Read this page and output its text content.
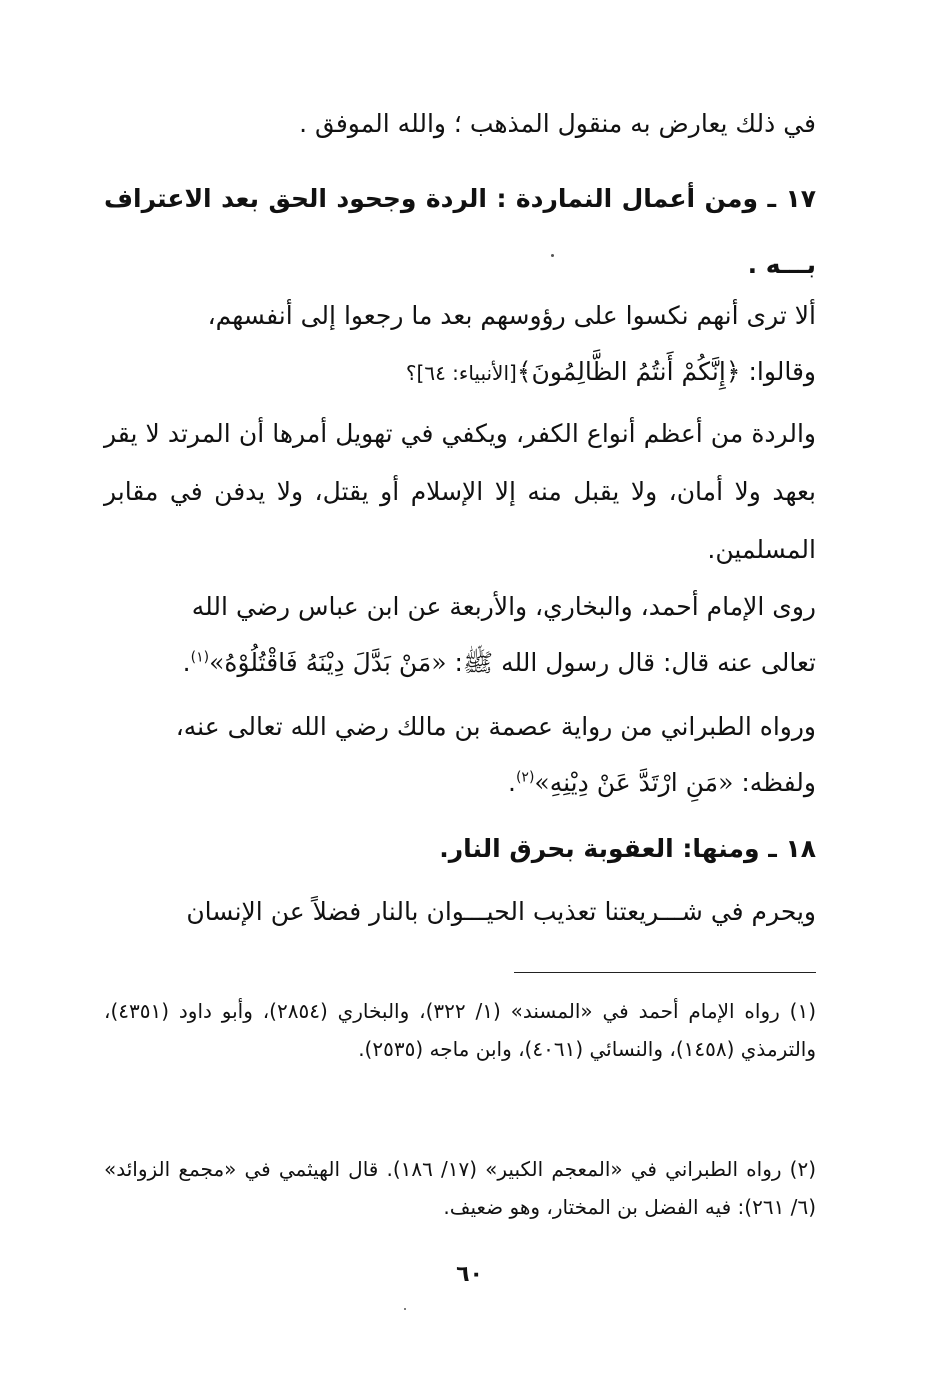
في ذلك يعارض به منقول المذهب ؛ والله الموفق .
١٧ ـ ومن أعمال النماردة : الردة وجحود الحق بعد الاعتراف بـــه .
ألا ترى أنهم نكسوا على رؤوسهم بعد ما رجعوا إلى أنفسهم،
وقالوا: ﴿إِنَّكُمْ أَنتُمُ الظَّالِمُونَ﴾[الأنبياء: ٦٤]؟
والردة من أعظم أنواع الكفر، ويكفي في تهويل أمرها أن المرتد لا يقر بعهد ولا أمان، ولا يقبل منه إلا الإسلام أو يقتل، ولا يدفن في مقابر المسلمين.
روى الإمام أحمد، والبخاري، والأربعة عن ابن عباس رضي الله
تعالى عنه قال: قال رسول الله ﷺ: «مَنْ بَدَّلَ دِيْنَهُ فَاقْتُلُوْهُ»$^{(١)}$.
ورواه الطبراني من رواية عصمة بن مالك رضي الله تعالى عنه،
ولفظه: «مَنِ ارْتَدَّ عَنْ دِيْنِهِ»$^{(٢)}$.
١٨ ـ ومنها: العقوبة بحرق النار.
ويحرم في شـــريعتنا تعذيب الحيـــوان بالنار فضلاً عن الإنسان
(١) رواه الإمام أحمد في «المسند» (١/ ٣٢٢)، والبخاري (٢٨٥٤)، وأبو داود (٤٣٥١)، والترمذي (١٤٥٨)، والنسائي (٤٠٦١)، وابن ماجه (٢٥٣٥).
(٢) رواه الطبراني في «المعجم الكبير» (١٧/ ١٨٦). قال الهيثمي في «مجمع الزوائد» (٦/ ٢٦١): فيه الفضل بن المختار، وهو ضعيف.
٦٠
